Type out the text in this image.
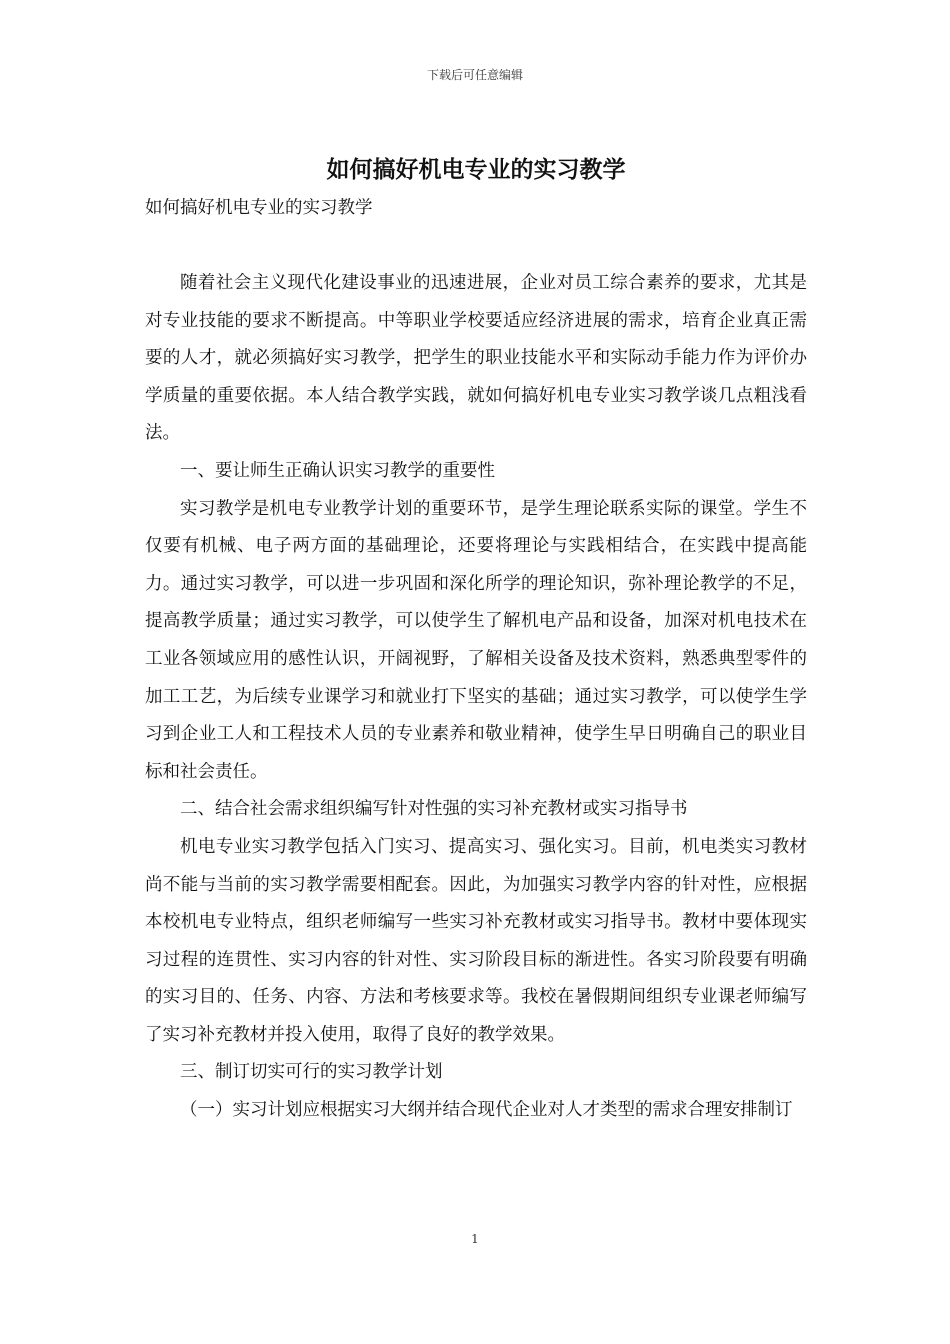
下载后可任意编辑
如何搞好机电专业的实习教学

如何搞好机电专业的实习教学

随着社会主义现代化建设事业的迅速进展，企业对员工综合素养的要求，尤其是对专业技能的要求不断提高。中等职业学校要适应经济进展的需求，培育企业真正需要的人才，就必须搞好实习教学，把学生的职业技能水平和实际动手能力作为评价办学质量的重要依据。本人结合教学实践，就如何搞好机电专业实习教学谈几点粗浅看法。

一、要让师生正确认识实习教学的重要性

实习教学是机电专业教学计划的重要环节，是学生理论联系实际的课堂。学生不仅要有机械、电子两方面的基础理论，还要将理论与实践相结合，在实践中提高能力。通过实习教学，可以进一步巩固和深化所学的理论知识，弥补理论教学的不足，提高教学质量；通过实习教学，可以使学生了解机电产品和设备，加深对机电技术在工业各领域应用的感性认识，开阔视野，了解相关设备及技术资料，熟悉典型零件的加工工艺，为后续专业课学习和就业打下坚实的基础；通过实习教学，可以使学生学习到企业工人和工程技术人员的专业素养和敬业精神，使学生早日明确自己的职业目标和社会责任。

二、结合社会需求组织编写针对性强的实习补充教材或实习指导书

机电专业实习教学包括入门实习、提高实习、强化实习。目前，机电类实习教材尚不能与当前的实习教学需要相配套。因此，为加强实习教学内容的针对性，应根据本校机电专业特点，组织老师编写一些实习补充教材或实习指导书。教材中要体现实习过程的连贯性、实习内容的针对性、实习阶段目标的渐进性。各实习阶段要有明确的实习目的、任务、内容、方法和考核要求等。我校在暑假期间组织专业课老师编写了实习补充教材并投入使用，取得了良好的教学效果。

三、制订切实可行的实习教学计划

（一）实习计划应根据实习大纲并结合现代企业对人才类型的需求合理安排制订

1
